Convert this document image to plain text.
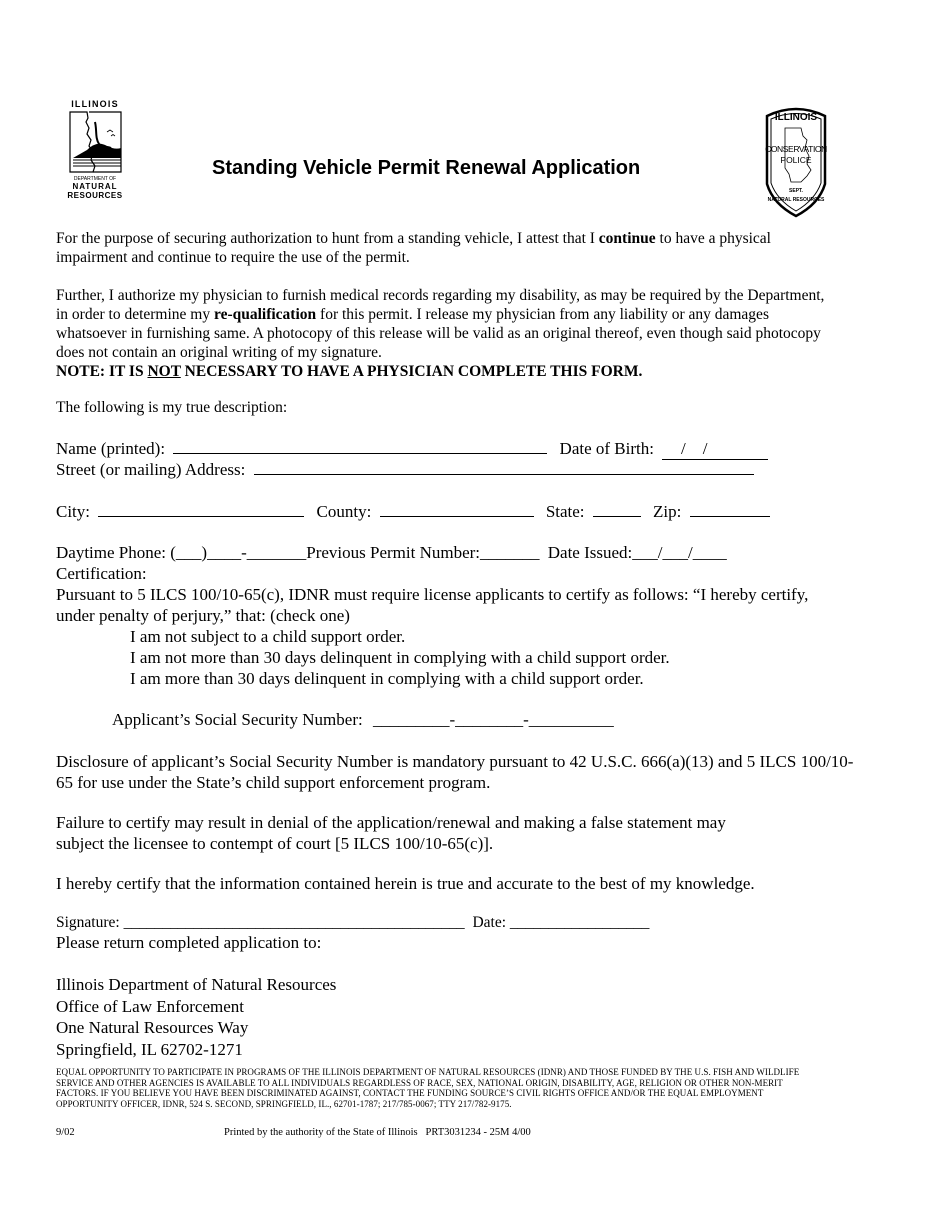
ILLINOIS
DEPARTMENT OF
NATURAL
RESOURCES
Standing Vehicle Permit Renewal Application
ILLINOIS
CONSERVATION
POLICE
SEPT.
NATURAL RESOURCES
For the purpose of securing authorization to hunt from a standing vehicle, I attest that I continue to have a physical
impairment and continue to require the use of the permit.
Further, I authorize my physician to furnish medical records regarding my disability, as may be required by the Department,
in order to determine my re-qualification for this permit. I release my physician from any liability or any damages
whatsoever in furnishing same. A photocopy of this release will be valid as an original thereof, even though said photocopy
does not contain an original writing of my signature.
NOTE: IT IS NOT NECESSARY TO HAVE A PHYSICIAN COMPLETE THIS FORM.
The following is my true description:
Name (printed):	Date of Birth:    /    /
Street (or mailing) Address:
City:	County:	State:	Zip:
Daytime Phone: (___)____-_______Previous Permit Number:_______ Date Issued:___/___/____
Certification:
Pursuant to 5 ILCS 100/10-65(c), IDNR must require license applicants to certify as follows: “I hereby certify,
under penalty of perjury,” that: (check one)
I am not subject to a child support order.
I am not more than 30 days delinquent in complying with a child support order.
I am more than 30 days delinquent in complying with a child support order.
Applicant’s Social Security Number: _________-________-__________
Disclosure of applicant’s Social Security Number is mandatory pursuant to 42 U.S.C. 666(a)(13) and 5 ILCS 100/10-
65 for use under the State’s child support enforcement program.
Failure to certify may result in denial of the application/renewal and making a false statement may
subject the licensee to contempt of court [5 ILCS 100/10-65(c)].
I hereby certify that the information contained herein is true and accurate to the best of my knowledge.
Signature: ____________________________________________ Date: __________________
Please return completed application to:
Illinois Department of Natural Resources
Office of Law Enforcement
One Natural Resources Way
Springfield, IL 62702-1271
EQUAL OPPORTUNITY TO PARTICIPATE IN PROGRAMS OF THE ILLINOIS DEPARTMENT OF NATURAL RESOURCES (IDNR) AND THOSE FUNDED BY THE U.S. FISH AND WILDLIFE
SERVICE AND OTHER AGENCIES IS AVAILABLE TO ALL INDIVIDUALS REGARDLESS OF RACE, SEX, NATIONAL ORIGIN, DISABILITY, AGE, RELIGION OR OTHER NON-MERIT
FACTORS. IF YOU BELIEVE YOU HAVE BEEN DISCRIMINATED AGAINST, CONTACT THE FUNDING SOURCE’S CIVIL RIGHTS OFFICE AND/OR THE EQUAL EMPLOYMENT
OPPORTUNITY OFFICER, IDNR, 524 S. SECOND, SPRINGFIELD, IL., 62701-1787; 217/785-0067; TTY 217/782-9175.
9/02	Printed by the authority of the State of Illinois   PRT3031234 - 25M 4/00
